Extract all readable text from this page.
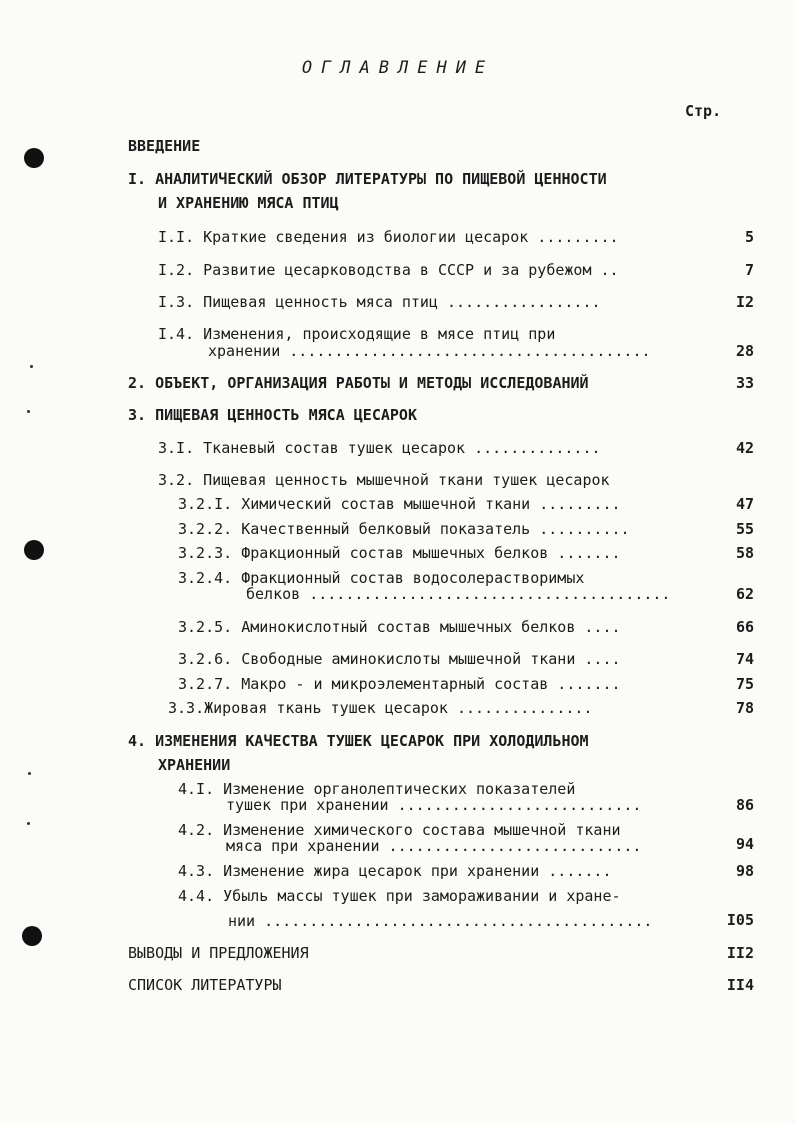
ОГЛАВЛЕНИЕ
Стр.
ВВЕДЕНИЕ
I. АНАЛИТИЧЕСКИЙ ОБЗОР ЛИТЕРАТУРЫ ПО ПИЩЕВОЙ ЦЕННОСТИ
И ХРАНЕНИЮ МЯСА ПТИЦ
I.I. Краткие сведения из биологии цесарок .........	5
I.2. Развитие цесарководства в СССР и за рубежом ..	7
I.3. Пищевая ценность мяса птиц .................	I2
I.4. Изменения, происходящие в мясе птиц при
хранении ........................................	28
2. ОБЪЕКТ, ОРГАНИЗАЦИЯ РАБОТЫ И МЕТОДЫ ИССЛЕДОВАНИЙ	33
3. ПИЩЕВАЯ ЦЕННОСТЬ МЯСА ЦЕСАРОК
3.I. Тканевый состав тушек цесарок ..............	42
3.2. Пищевая ценность мышечной ткани тушек цесарок
3.2.I. Химический состав мышечной ткани .........	47
3.2.2. Качественный белковый показатель ..........	55
3.2.3. Фракционный состав мышечных белков .......	58
3.2.4. Фракционный состав водосолерастворимых
белков ........................................	62
3.2.5. Аминокислотный состав мышечных белков ....	66
3.2.6. Свободные аминокислоты мышечной ткани ....	74
3.2.7. Макро - и микроэлементарный состав .......	75
3.3.Жировая ткань тушек цесарок ...............	78
4. ИЗМЕНЕНИЯ КАЧЕСТВА ТУШЕК ЦЕСАРОК ПРИ ХОЛОДИЛЬНОМ
ХРАНЕНИИ
4.I. Изменение органолептических показателей
тушек при хранении ...........................	86
4.2. Изменение химического состава мышечной ткани
мяса при хранении ............................	94
4.3. Изменение жира цесарок при хранении .......	98
4.4. Убыль массы тушек при замораживании и хране-
нии ...........................................	I05
ВЫВОДЫ И ПРЕДЛОЖЕНИЯ	II2
СПИСОК ЛИТЕРАТУРЫ	II4
